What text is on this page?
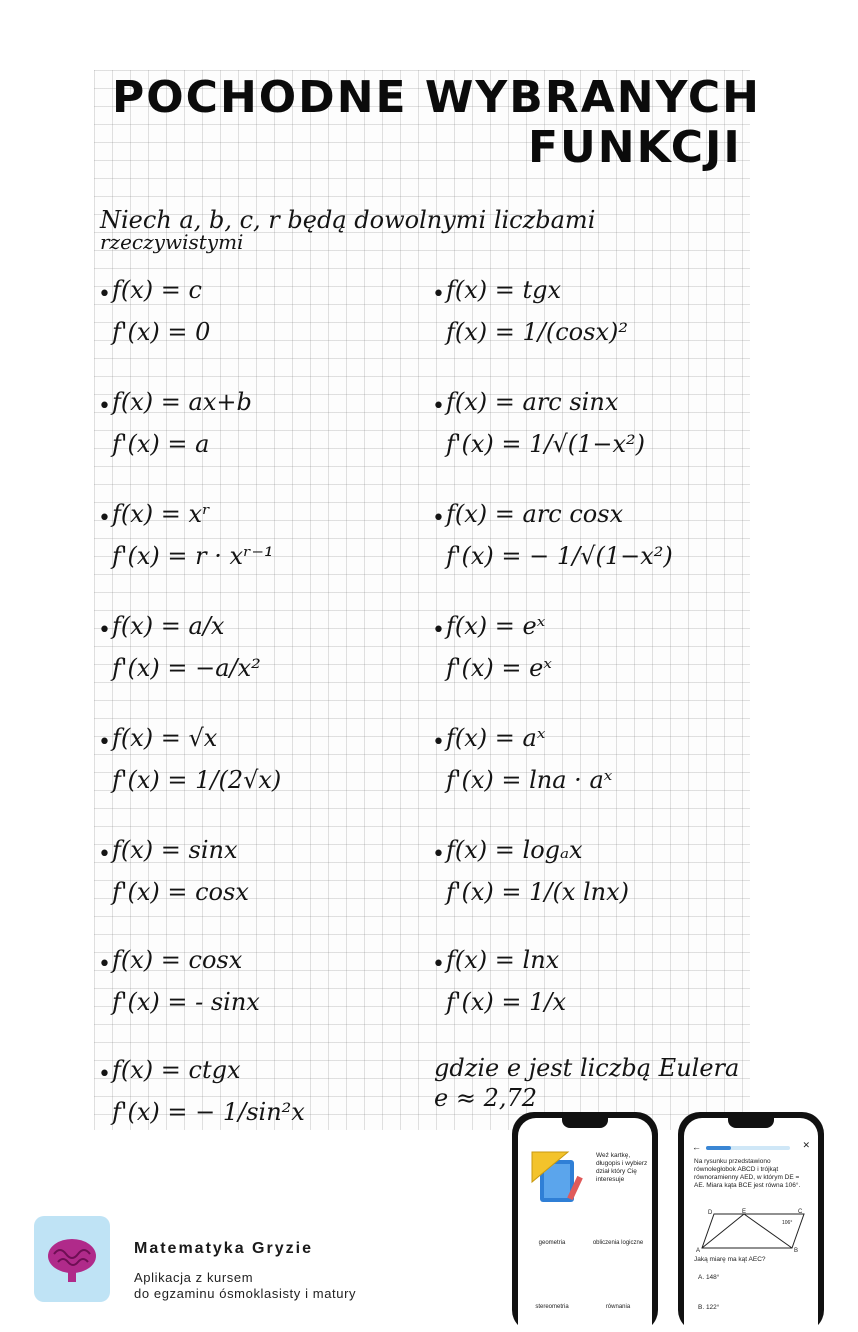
POCHODNE WYBRANYCH
FUNKCJI
Niech a, b, c, r będą dowolnymi liczbami
rzeczywistymi
• f(x) = c
f'(x) = 0
• f(x) = ax+b
f'(x) = a
• f(x) = xʳ
f'(x) = r · xʳ⁻¹
• f(x) = a/x
f'(x) = −a/x²
• f(x) = √x
f'(x) = 1/(2√x)
• f(x) = sinx
f'(x) = cosx
• f(x) = cosx
f'(x) = - sinx
• f(x) = ctgx
f'(x) = − 1/sin²x
• f(x) = tgx
f(x) = 1/(cosx)²
• f(x) = arc sinx
f'(x) = 1/√(1−x²)
• f(x) = arc cosx
f'(x) = − 1/√(1−x²)
• f(x) = eˣ
f'(x) = eˣ
• f(x) = aˣ
f'(x) = lna · aˣ
• f(x) = logₐx
f'(x) = 1/(x lnx)
• f(x) = lnx
f'(x) = 1/x
gdzie e jest liczbą Eulera
e ≈ 2,72
Matematyka Gryzie
Aplikacja z kursem
do egzaminu ósmoklasisty i matury
Weź kartkę, długopis i wybierz dział który Cię interesuje
geometria	obliczenia logiczne
stereometria	równania
←	✕
Na rysunku przedstawiono równoległobok ABCD i trójkąt równoramienny AED, w którym DE = AE. Miara kąta BCE jest równa 106°.
D	E	C
A	B
106°
Jaką miarę ma kąt AEC?
A. 148°
B. 122°
